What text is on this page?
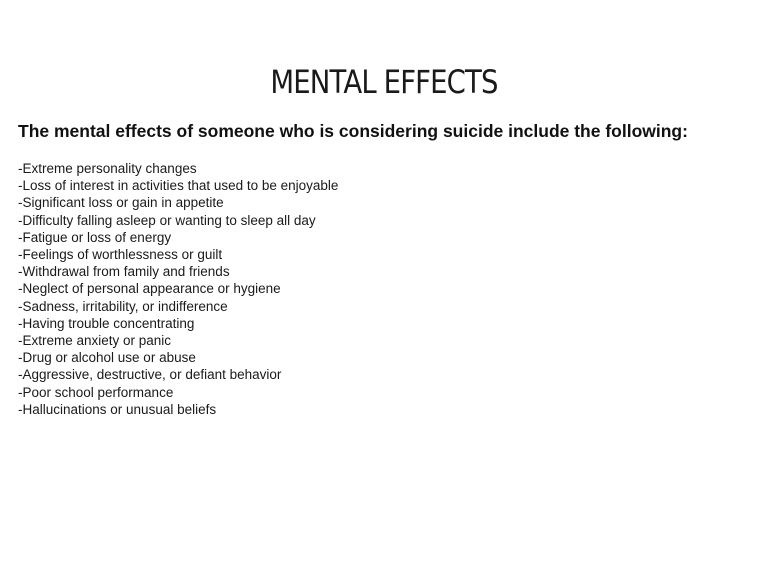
MENTAL EFFECTS

The mental effects of someone who is considering suicide include the following:

-Extreme personality changes
-Loss of interest in activities that used to be enjoyable
-Significant loss or gain in appetite
-Difficulty falling asleep or wanting to sleep all day
-Fatigue or loss of energy
-Feelings of worthlessness or guilt
-Withdrawal from family and friends
-Neglect of personal appearance or hygiene
-Sadness, irritability, or indifference
-Having trouble concentrating
-Extreme anxiety or panic
-Drug or alcohol use or abuse
-Aggressive, destructive, or defiant behavior
-Poor school performance
-Hallucinations or unusual beliefs
